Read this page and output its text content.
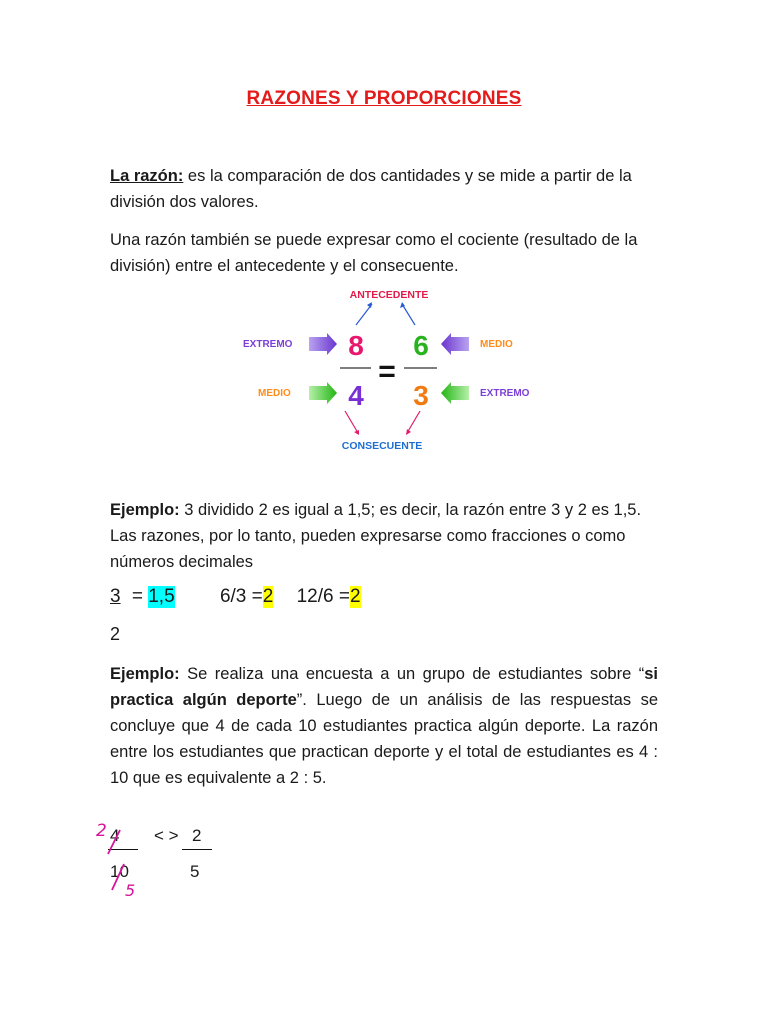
RAZONES Y PROPORCIONES
La razón: es la comparación de dos cantidades y se mide a partir de la división dos valores.
Una razón también se puede expresar como el cociente (resultado de la división) entre el antecedente y el consecuente.
ANTECEDENTE
CONSECUENTE
EXTREMO
MEDIO
MEDIO
EXTREMO
8
4
=
6
3
Ejemplo: 3 dividido 2 es igual a 1,5; es decir, la razón entre 3 y 2 es 1,5. Las razones, por lo tanto, pueden expresarse como fracciones o como números decimales
3 = 1,5 6/3 =2 12/6 =2
2
Ejemplo: Se realiza una encuesta a un grupo de estudiantes sobre “si practica algún deporte”. Luego de un análisis de las respuestas se concluye que 4 de cada 10 estudiantes practica algún deporte. La razón entre los estudiantes que practican deporte y el total de estudiantes es 4 : 10 que es equivalente a 2 : 5.
4 < > 2
10	5
2
5
